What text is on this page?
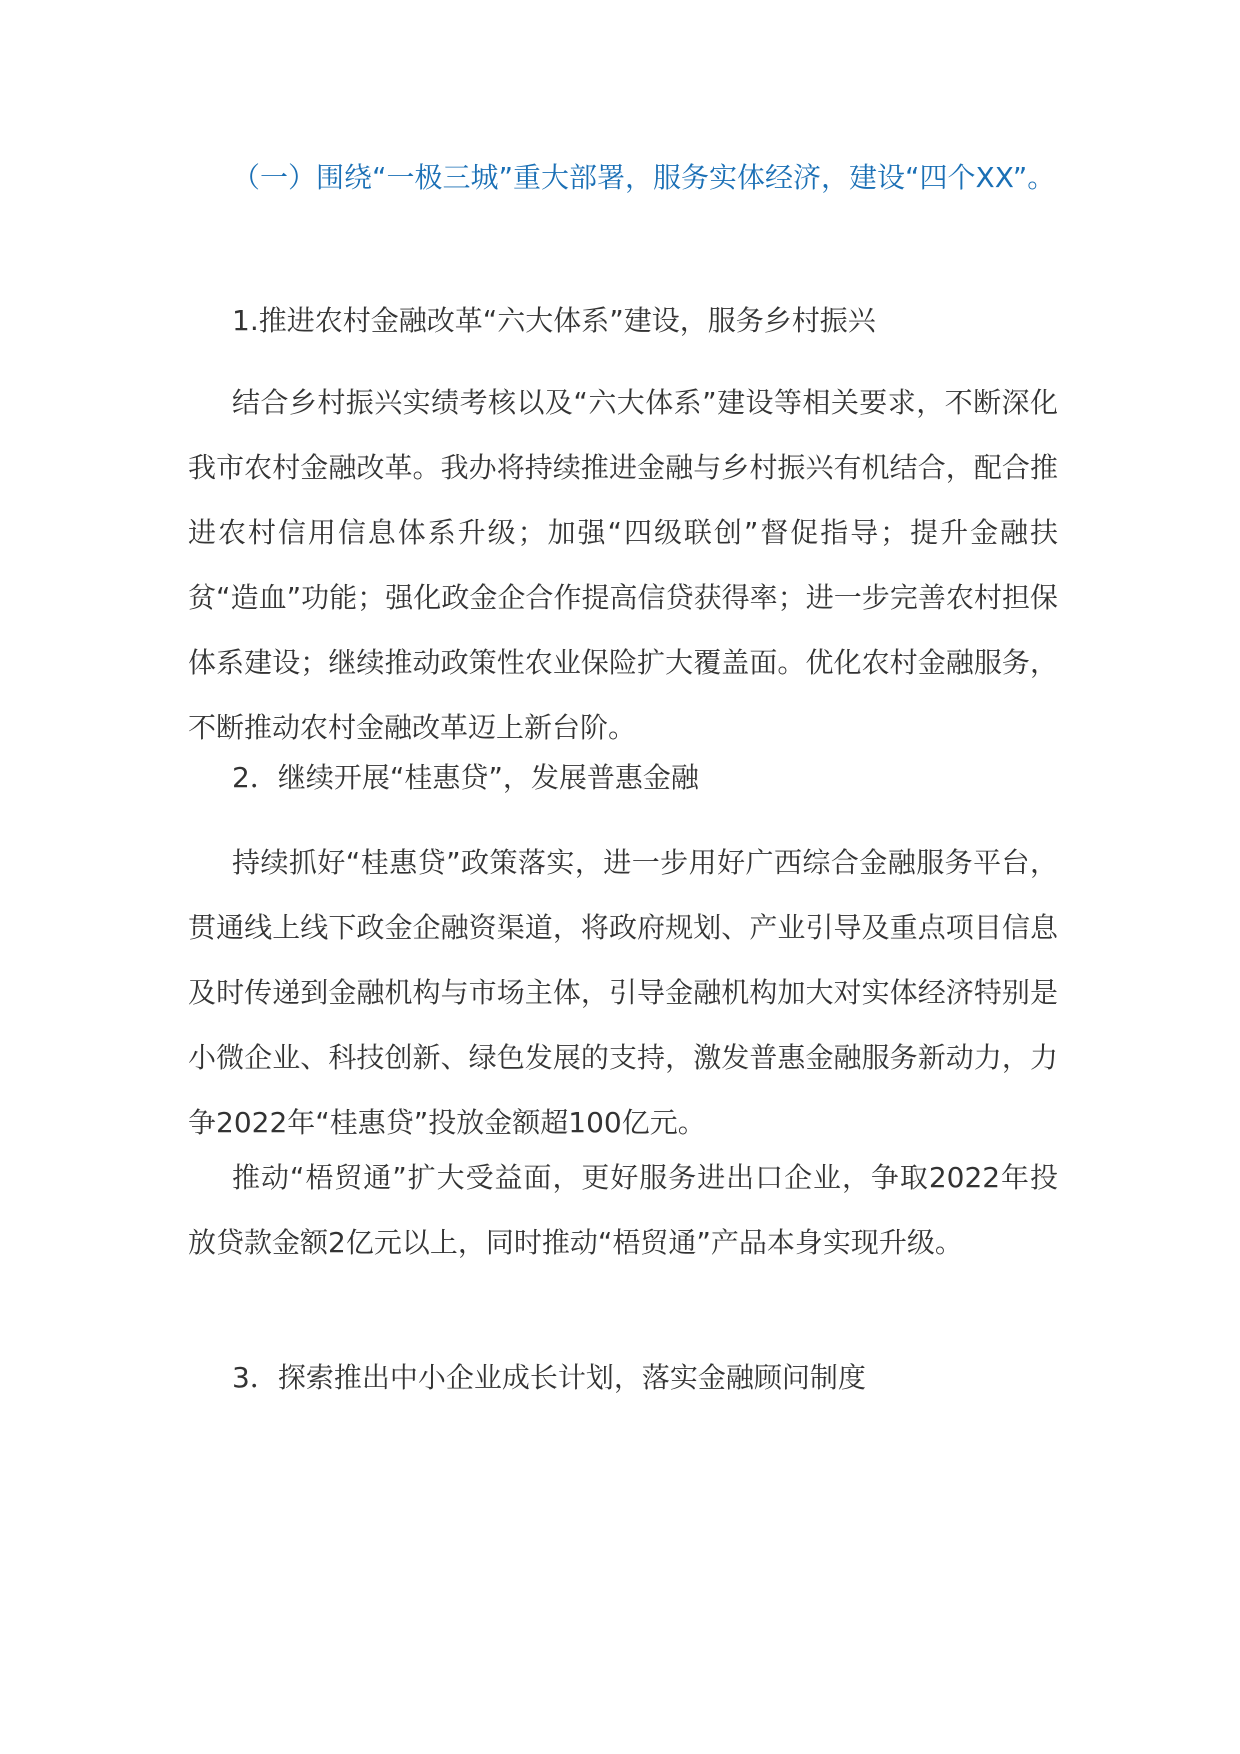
（一）围绕“一极三城”重大部署，服务实体经济，建设“四个XX”。

1.推进农村金融改革“六大体系”建设，服务乡村振兴

结合乡村振兴实绩考核以及“六大体系”建设等相关要求，不断深化我市农村金融改革。我办将持续推进金融与乡村振兴有机结合，配合推进农村信用信息体系升级；加强“四级联创”督促指导；提升金融扶贫“造血”功能；强化政金企合作提高信贷获得率；进一步完善农村担保体系建设；继续推动政策性农业保险扩大覆盖面。优化农村金融服务，不断推动农村金融改革迈上新台阶。

2．继续开展“桂惠贷”，发展普惠金融

持续抓好“桂惠贷”政策落实，进一步用好广西综合金融服务平台，贯通线上线下政金企融资渠道，将政府规划、产业引导及重点项目信息及时传递到金融机构与市场主体，引导金融机构加大对实体经济特别是小微企业、科技创新、绿色发展的支持，激发普惠金融服务新动力，力争2022年“桂惠贷”投放金额超100亿元。

推动“梧贸通”扩大受益面，更好服务进出口企业，争取2022年投放贷款金额2亿元以上，同时推动“梧贸通”产品本身实现升级。

3．探索推出中小企业成长计划，落实金融顾问制度
